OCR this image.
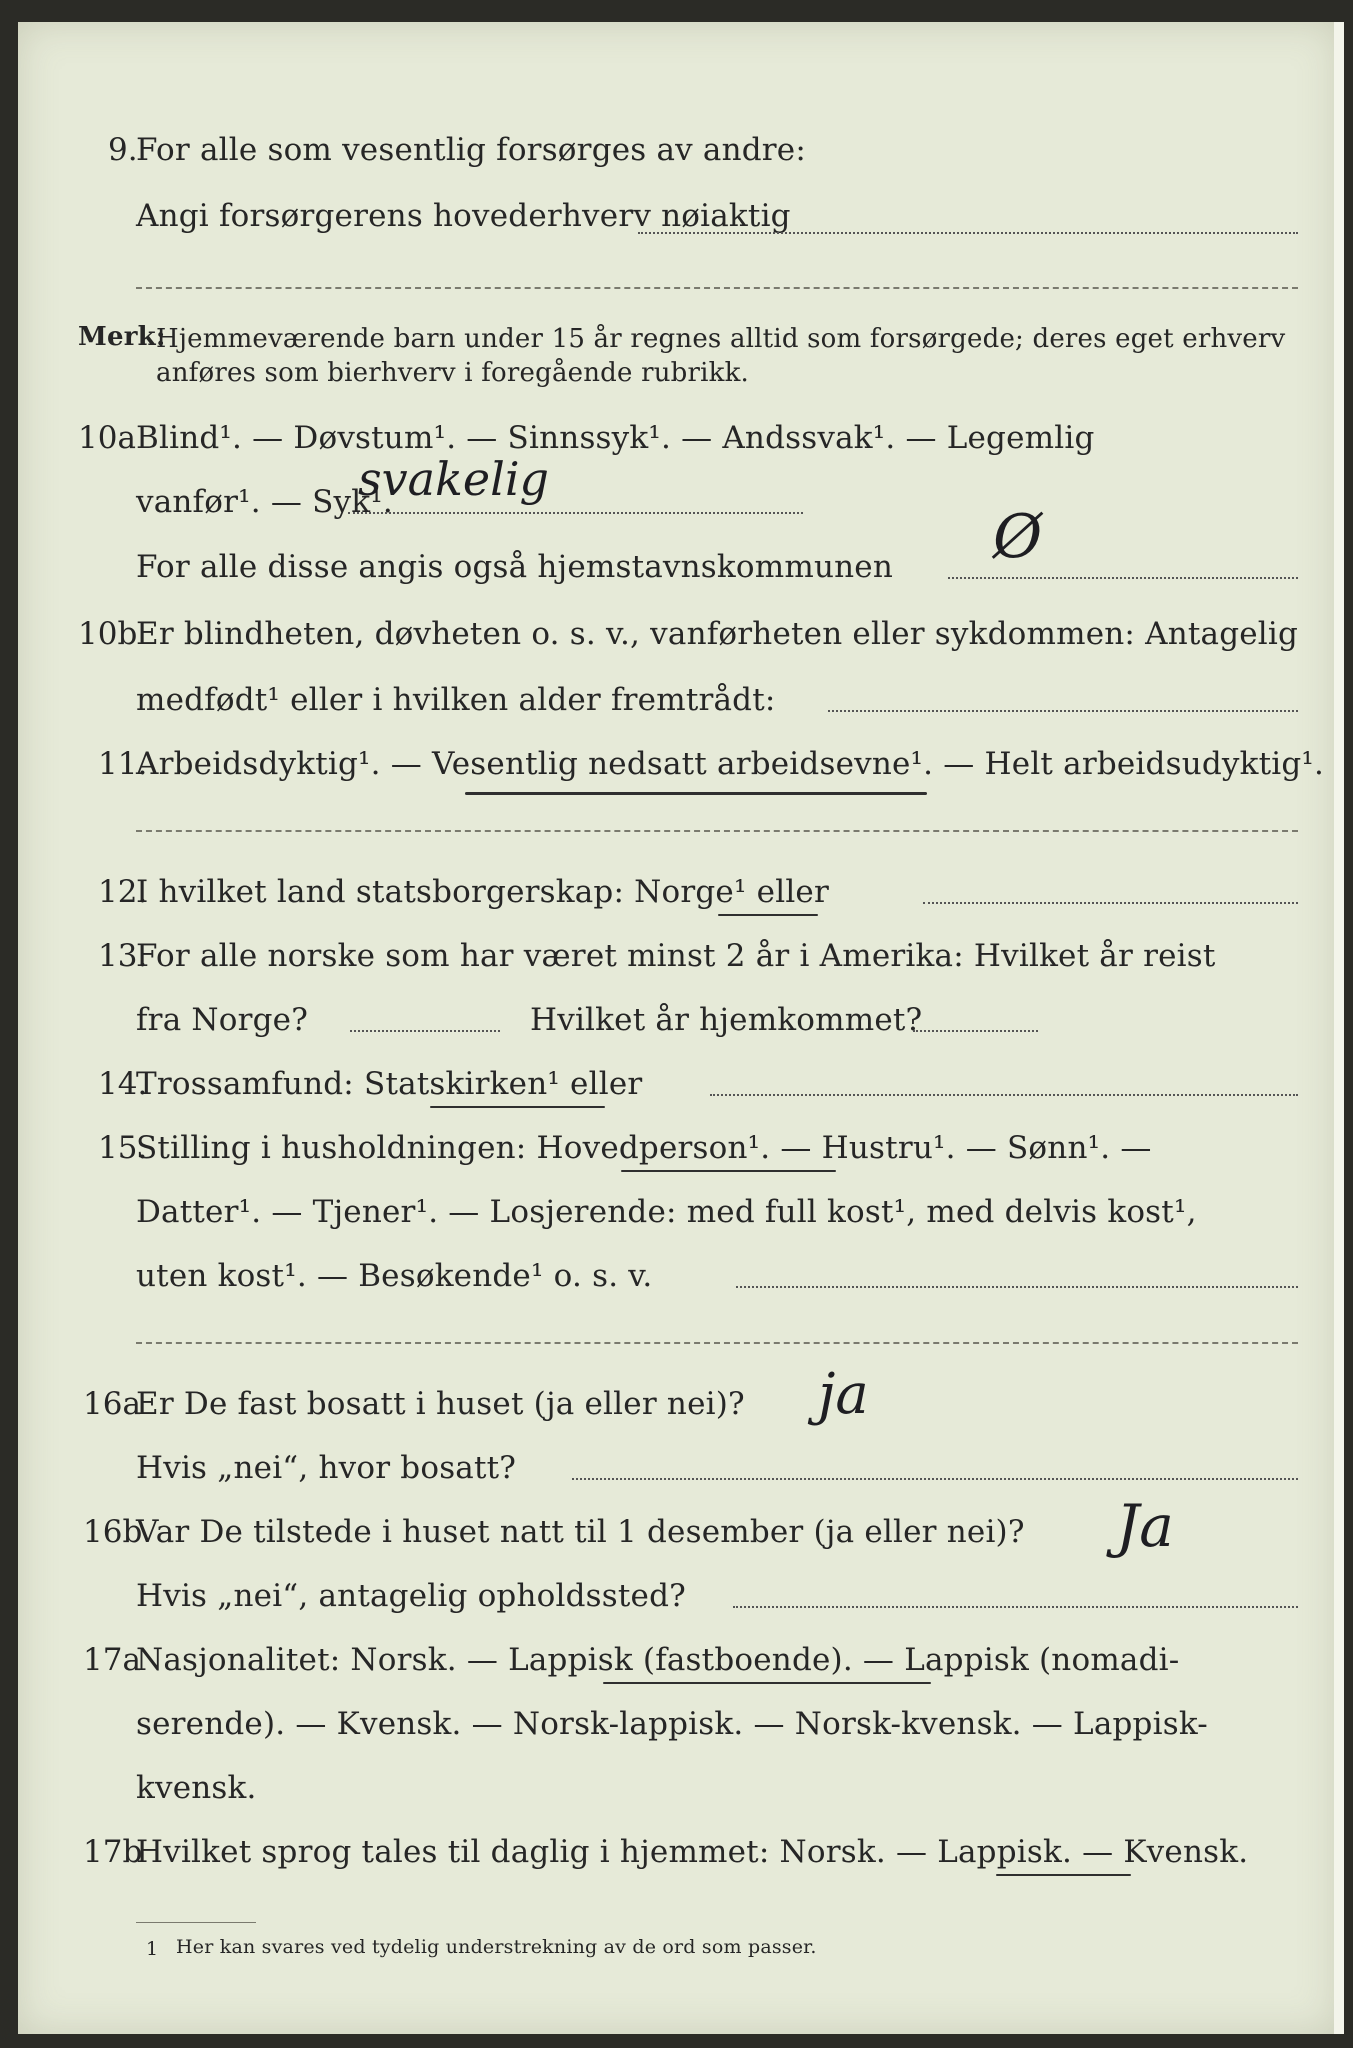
9.
For alle som vesentlig forsørges av andre:
Angi forsørgerens hovederhverv nøiaktig
Merk:
Hjemmeværende barn under 15 år regnes alltid som forsørgede; deres eget erhverv
anføres som bierhverv i foregående rubrikk.
10a Blind¹. — Døvstum¹. — Sinnssyk¹. — Andssvak¹. — Legemlig
vanfør¹. — Syk¹.
svakelig
For alle disse angis også hjemstavnskommunen Ø
10b
Er blindheten, døvheten o. s. v., vanførheten eller sykdommen: Antagelig
medfødt¹ eller i hvilken alder fremtrådt:
11.
Arbeidsdyktig¹. — Vesentlig nedsatt arbeidsevne¹. — Helt arbeidsudyktig¹.
12.
I hvilket land statsborgerskap: Norge¹ eller
13.
For alle norske som har været minst 2 år i Amerika: Hvilket år reist
fra Norge?	Hvilket år hjemkommet?
14.
Trossamfund: Statskirken¹ eller
15.
Stilling i husholdningen: Hovedperson¹. — Hustru¹. — Sønn¹. —
Datter¹. — Tjener¹. — Losjerende: med full kost¹, med delvis kost¹,
uten kost¹. — Besøkende¹ o. s. v.
16a
Er De fast bosatt i huset (ja eller nei)? ja
Hvis „nei“, hvor bosatt?
16b
Var De tilstede i huset natt til 1 desember (ja eller nei)? Ja
Hvis „nei“, antagelig opholdssted?
17a
Nasjonalitet: Norsk. — Lappisk (fastboende). — Lappisk (nomadi-
serende). — Kvensk. — Norsk-lappisk. — Norsk-kvensk. — Lappisk-
kvensk.
17b
Hvilket sprog tales til daglig i hjemmet: Norsk. — Lappisk. — Kvensk.
1 Her kan svares ved tydelig understrekning av de ord som passer.
